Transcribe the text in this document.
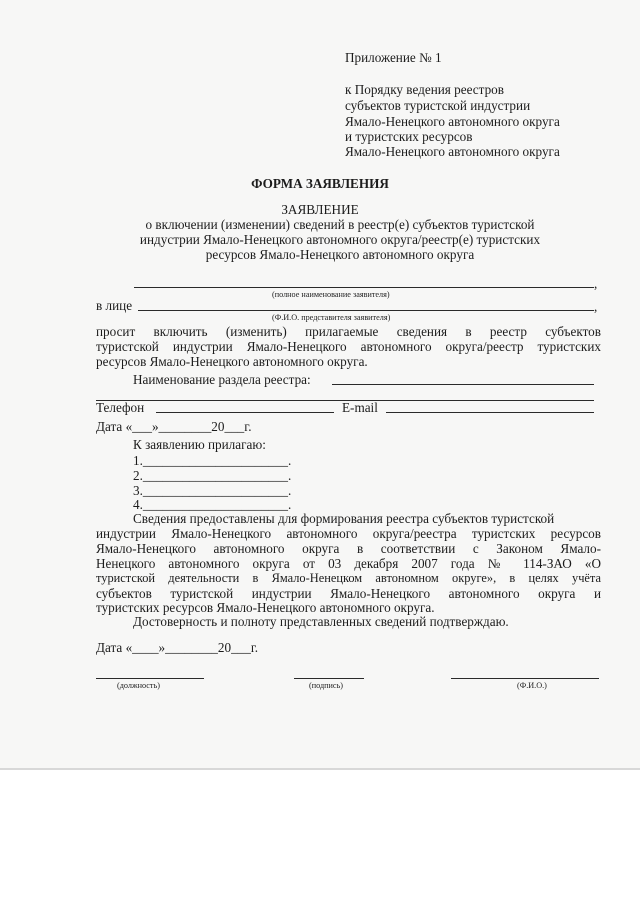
Приложение № 1
к Порядку ведения реестров
субъектов туристской индустрии
Ямало-Ненецкого автономного округа
и туристских ресурсов
Ямало-Ненецкого автономного округа
ФОРМА ЗАЯВЛЕНИЯ
ЗАЯВЛЕНИЕ
о включении (изменении) сведений в реестр(е) субъектов туристской
индустрии Ямало-Ненецкого автономного округа/реестр(е) туристских
ресурсов Ямало-Ненецкого автономного округа
,
(полное наименование заявителя)
в лице	,
(Ф.И.О. представителя заявителя)
просит включить (изменить) прилагаемые сведения в реестр субъектов
туристской индустрии Ямало-Ненецкого автономного округа/реестр туристских
ресурсов Ямало-Ненецкого автономного округа.
Наименование раздела реестра:
Телефон	E-mail
Дата «___»________20___г.
К заявлению прилагаю:
1.______________________.
2.______________________.
3.______________________.
4.______________________.
Сведения предоставлены для формирования реестра субъектов туристской
индустрии Ямало-Ненецкого автономного округа/реестра туристских ресурсов
Ямало-Ненецкого автономного округа в соответствии с Законом Ямало-
Ненецкого автономного округа от 03 декабря 2007 года № 114-ЗАО «О
туристской деятельности в Ямало-Ненецком автономном округе», в целях учёта
субъектов туристской индустрии Ямало-Ненецкого автономного округа и
туристских ресурсов Ямало-Ненецкого автономного округа.
Достоверность и полноту представленных сведений подтверждаю.
Дата «____»________20___г.
(должность)	(подпись)	(Ф.И.О.)
